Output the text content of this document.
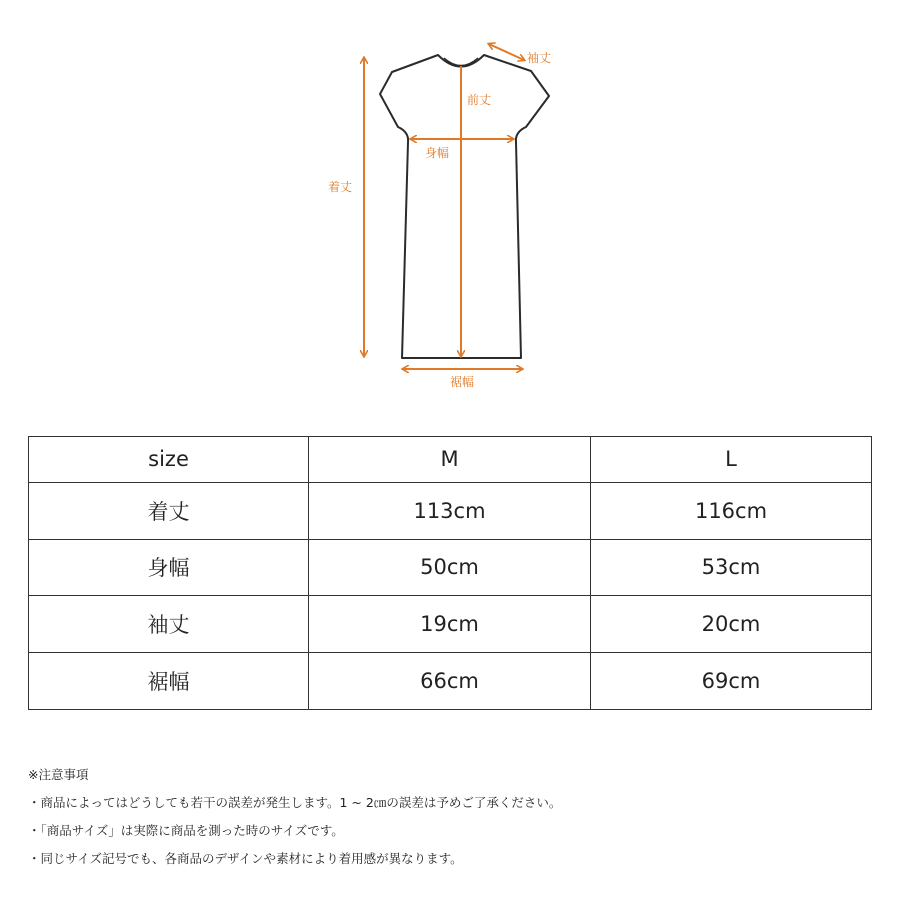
着丈
前丈
袖丈
身幅
裾幅
size	M	L
着丈	113cm	116cm
身幅	50cm	53cm
袖丈	19cm	20cm
裾幅	66cm	69cm
※注意事項
・商品によってはどうしても若干の誤差が発生します。1 ~ 2㎝の誤差は予めご了承ください。
・「商品サイズ」は実際に商品を測った時のサイズです。
・同じサイズ記号でも、各商品のデザインや素材により着用感が異なります。
